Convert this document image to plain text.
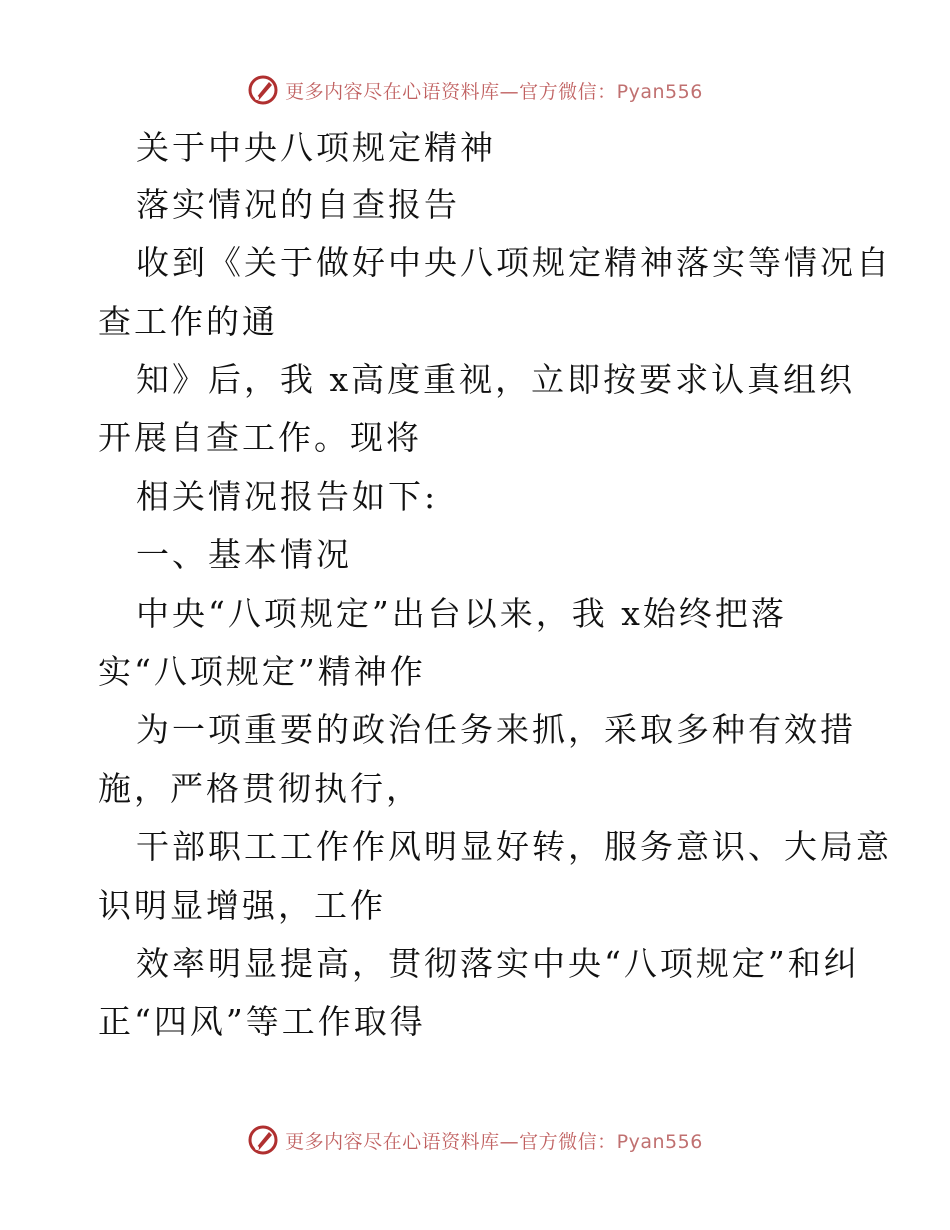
更多内容尽在心语资料库—官方微信：Pyan556
关于中央八项规定精神
落实情况的自查报告
收到《关于做好中央八项规定精神落实等情况自
查工作的通
知》后，我 x高度重视，立即按要求认真组织
开展自查工作。现将
相关情况报告如下:
一、基本情况
中央“八项规定”出台以来，我 x始终把落
实“八项规定”精神作
为一项重要的政治任务来抓，采取多种有效措
施，严格贯彻执行，
干部职工工作作风明显好转，服务意识、大局意
识明显增强，工作
效率明显提高，贯彻落实中央“八项规定”和纠
正“四风”等工作取得
更多内容尽在心语资料库—官方微信：Pyan556
